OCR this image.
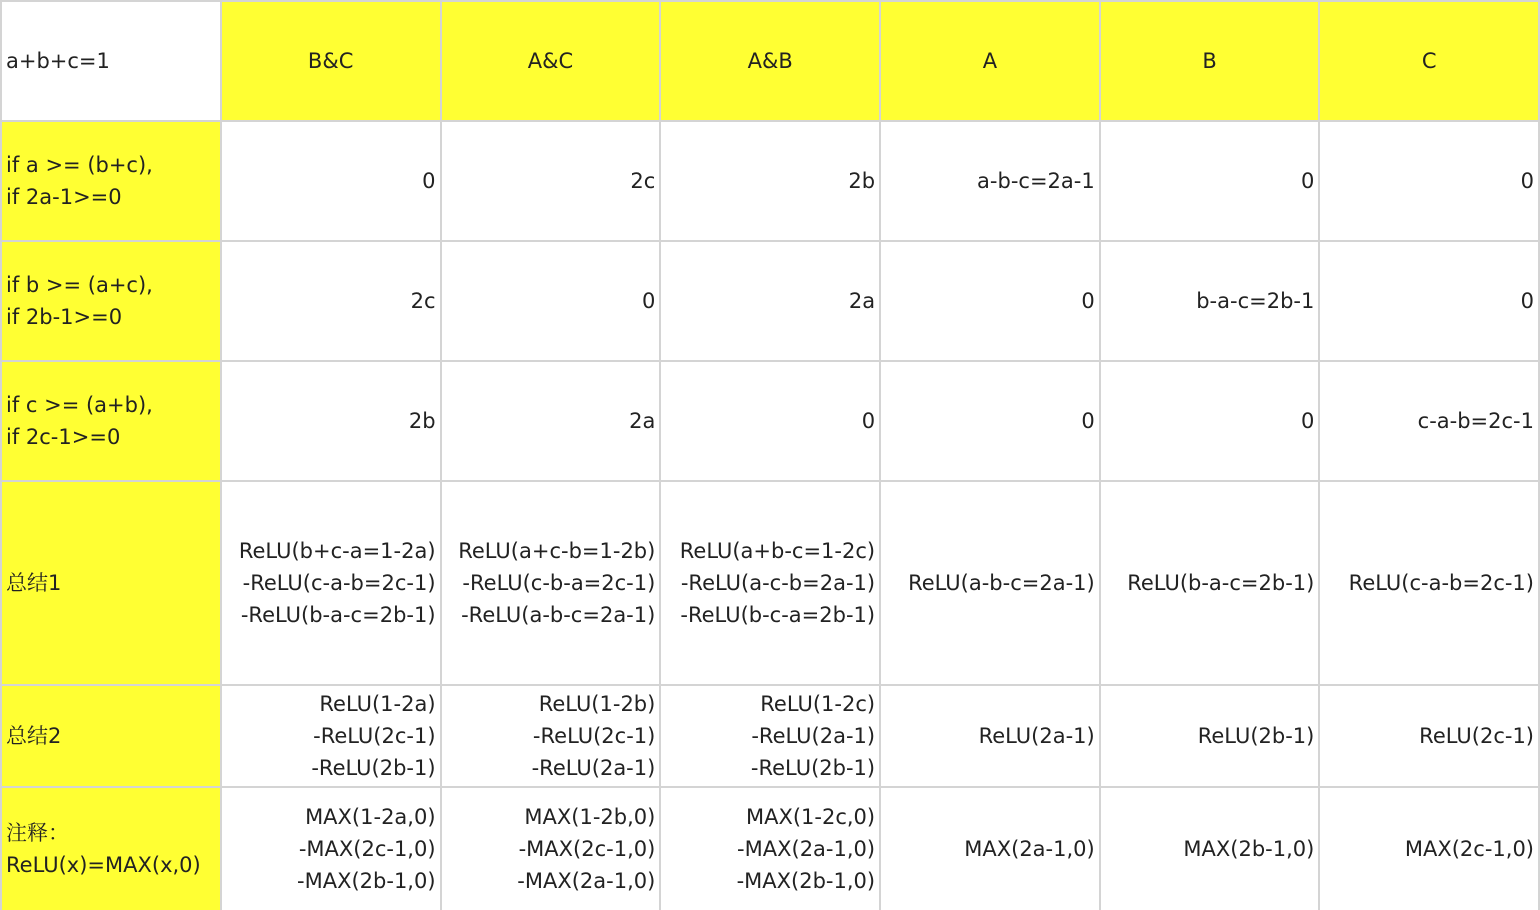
a+b+c=1	B&C	A&C	A&B	A	B	C

if a >= (b+c),
if 2a-1>=0	0	2c	2b	a-b-c=2a-1	0	0

if b >= (a+c),
if 2b-1>=0	2c	0	2a	0	b-a-c=2b-1	0

if c >= (a+b),
if 2c-1>=0	2b	2a	0	0	0	c-a-b=2c-1

总结1	ReLU(b+c-a=1-2a)
-ReLU(c-a-b=2c-1)
-ReLU(b-a-c=2b-1)	ReLU(a+c-b=1-2b)
-ReLU(c-b-a=2c-1)
-ReLU(a-b-c=2a-1)	ReLU(a+b-c=1-2c)
-ReLU(a-c-b=2a-1)
-ReLU(b-c-a=2b-1)	ReLU(a-b-c=2a-1)	ReLU(b-a-c=2b-1)	ReLU(c-a-b=2c-1)

总结2	ReLU(1-2a)
-ReLU(2c-1)
-ReLU(2b-1)	ReLU(1-2b)
-ReLU(2c-1)
-ReLU(2a-1)	ReLU(1-2c)
-ReLU(2a-1)
-ReLU(2b-1)	ReLU(2a-1)	ReLU(2b-1)	ReLU(2c-1)

注释：
ReLU(x)=MAX(x,0)	MAX(1-2a,0)
-MAX(2c-1,0)
-MAX(2b-1,0)	MAX(1-2b,0)
-MAX(2c-1,0)
-MAX(2a-1,0)	MAX(1-2c,0)
-MAX(2a-1,0)
-MAX(2b-1,0)	MAX(2a-1,0)	MAX(2b-1,0)	MAX(2c-1,0)
